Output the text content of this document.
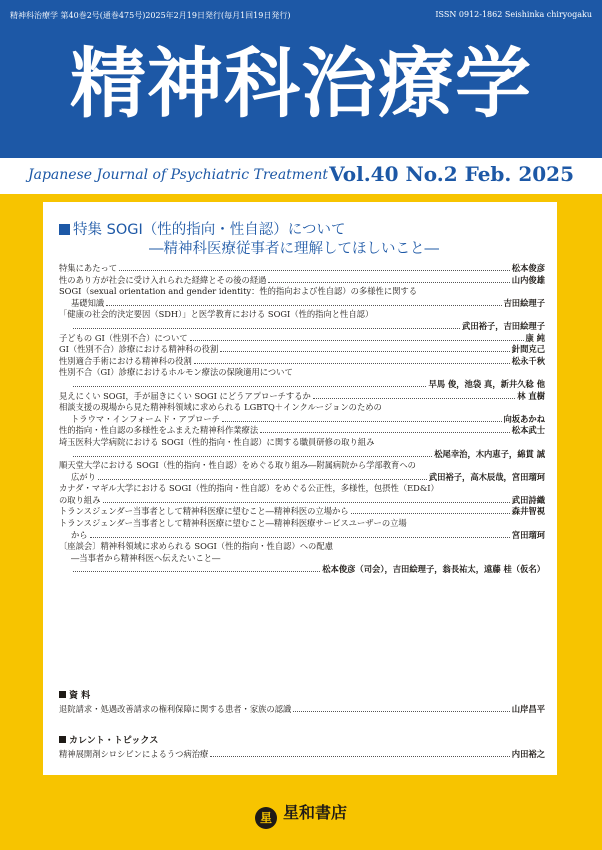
精神科治療学 第40巻2号(通巻475号)2025年2月19日発行(毎月1回19日発行)	ISSN 0912-1862 Seishinka chiryogaku
精神科治療学
Japanese Journal of Psychiatric Treatment Vol.40 No.2 Feb. 2025
特集 SOGI（性的指向・性自認）について
―精神科医療従事者に理解してほしいこと―
特集にあたって	松本俊彦
性のあり方が社会に受け入れられた経緯とその後の経過	山内俊雄
SOGI（sexual orientation and gender identity：性的指向および性自認）の多様性に関する
基礎知識	吉田絵理子
「健康の社会的決定要因（SDH）」と医学教育における SOGI（性的指向と性自認）
武田裕子，吉田絵理子
子どもの GI（性別不合）について	康 純
GI（性別不合）診療における精神科の役割	針間克己
性別適合手術における精神科の役割	松永千秋
性別不合（GI）診療におけるホルモン療法の保険適用について
早馬 俊，池袋 真，新井久稔 他
見えにくい SOGI，手が届きにくい SOGI にどうアプローチするか	林 直樹
相談支援の現場から見た精神科領域に求められる LGBTQ＋インクルージョンのための
トラウマ・インフォームド・アプローチ	向坂あかね
性的指向・性自認の多様性をふまえた精神科作業療法	松本武士
埼玉医科大学病院における SOGI（性的指向・性自認）に関する職員研修の取り組み
松尾幸治，木内恵子，綿貫 誠
順天堂大学における SOGI（性的指向・性自認）をめぐる取り組み―附属病院から学部教育への
広がり	武田裕子，高木辰哉，宮田瑠珂
カナダ・マギル大学における SOGI（性的指向・性自認）をめぐる公正性，多様性，包摂性（ED&I）
の取り組み	武田詩織
トランスジェンダー当事者として精神科医療に望むこと―精神科医の立場から	森井智視
トランスジェンダー当事者として精神科医療に望むこと―精神科医療サービスユーザーの立場
から	宮田瑠珂
〔座談会〕精神科領域に求められる SOGI（性的指向・性自認）への配慮
―当事者から精神科医へ伝えたいこと―
松本俊彦（司会），吉田絵理子，翁長祐太，遠藤 桂（仮名）
資 料
退院請求・処遇改善請求の権利保障に関する患者・家族の認識	山岸昌平
カレント・トピックス
精神展開剤シロシビンによるうつ病治療	内田裕之
星 星和書店
